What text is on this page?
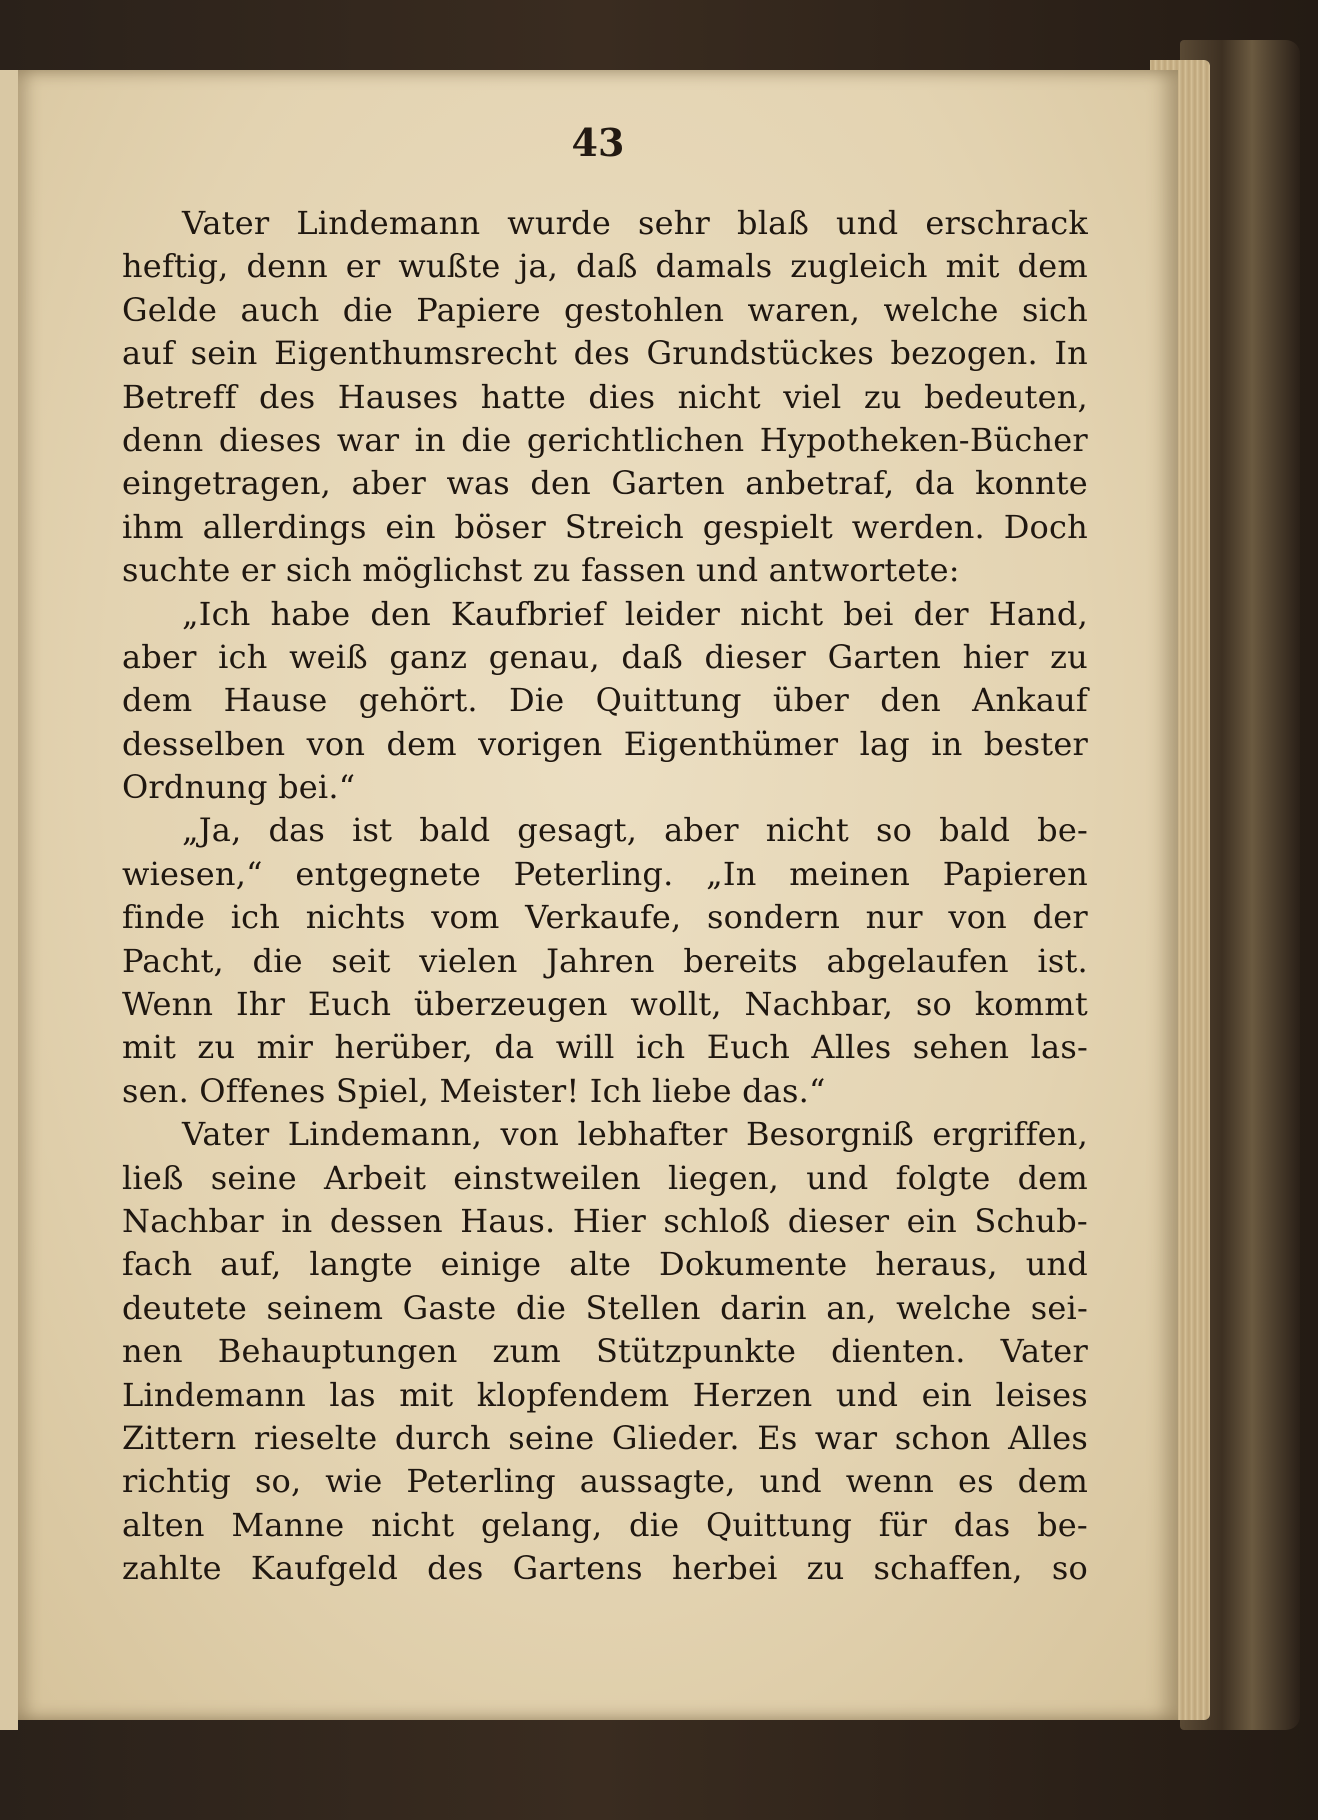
43
Vater Lindemann wurde sehr blaß und erschrack
heftig, denn er wußte ja, daß damals zugleich mit dem
Gelde auch die Papiere gestohlen waren, welche sich
auf sein Eigenthumsrecht des Grundstückes bezogen. In
Betreff des Hauses hatte dies nicht viel zu bedeuten,
denn dieses war in die gerichtlichen Hypotheken-Bücher
eingetragen, aber was den Garten anbetraf, da konnte
ihm allerdings ein böser Streich gespielt werden. Doch
suchte er sich möglichst zu fassen und antwortete:
„Ich habe den Kaufbrief leider nicht bei der Hand,
aber ich weiß ganz genau, daß dieser Garten hier zu
dem Hause gehört. Die Quittung über den Ankauf
desselben von dem vorigen Eigenthümer lag in bester
Ordnung bei.“
„Ja, das ist bald gesagt, aber nicht so bald be-
wiesen,“ entgegnete Peterling. „In meinen Papieren
finde ich nichts vom Verkaufe, sondern nur von der
Pacht, die seit vielen Jahren bereits abgelaufen ist.
Wenn Ihr Euch überzeugen wollt, Nachbar, so kommt
mit zu mir herüber, da will ich Euch Alles sehen las-
sen. Offenes Spiel, Meister! Ich liebe das.“
Vater Lindemann, von lebhafter Besorgniß ergriffen,
ließ seine Arbeit einstweilen liegen, und folgte dem
Nachbar in dessen Haus. Hier schloß dieser ein Schub-
fach auf, langte einige alte Dokumente heraus, und
deutete seinem Gaste die Stellen darin an, welche sei-
nen Behauptungen zum Stützpunkte dienten. Vater
Lindemann las mit klopfendem Herzen und ein leises
Zittern rieselte durch seine Glieder. Es war schon Alles
richtig so, wie Peterling aussagte, und wenn es dem
alten Manne nicht gelang, die Quittung für das be-
zahlte Kaufgeld des Gartens herbei zu schaffen, so
